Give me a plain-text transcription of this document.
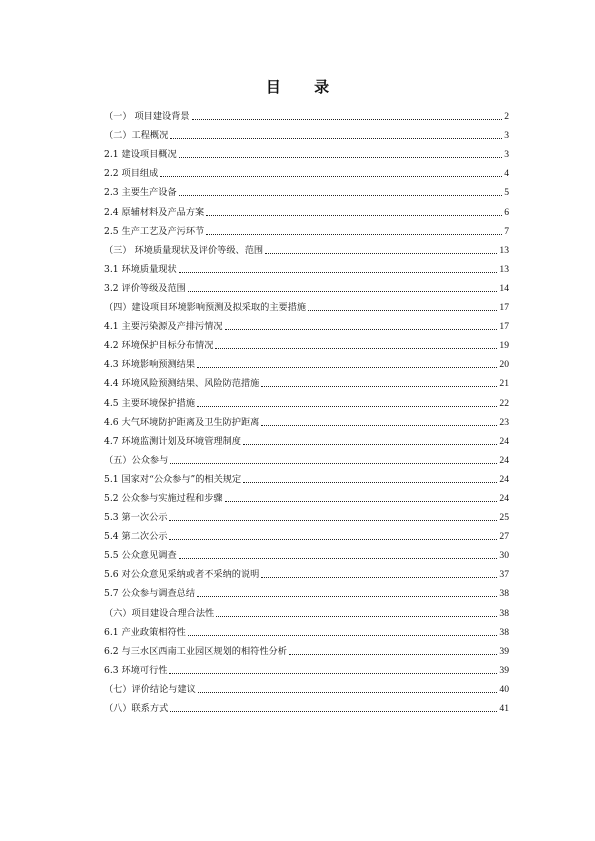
目 录
（一） 项目建设背景	2
（二）工程概况	3
2.1 建设项目概况	3
2.2 项目组成	4
2.3 主要生产设备	5
2.4 原辅材料及产品方案	6
2.5 生产工艺及产污环节	7
（三） 环境质量现状及评价等级、范围	13
3.1 环境质量现状	13
3.2 评价等级及范围	14
（四）建设项目环境影响预测及拟采取的主要措施	17
4.1 主要污染源及产排污情况	17
4.2 环境保护目标分布情况	19
4.3 环境影响预测结果	20
4.4 环境风险预测结果、风险防范措施	21
4.5 主要环境保护措施	22
4.6 大气环境防护距离及卫生防护距离	23
4.7 环境监测计划及环境管理制度	24
（五）公众参与	24
5.1 国家对“公众参与”的相关规定	24
5.2 公众参与实施过程和步骤	24
5.3 第一次公示	25
5.4 第二次公示	27
5.5 公众意见调查	30
5.6 对公众意见采纳或者不采纳的说明	37
5.7 公众参与调查总结	38
（六）项目建设合理合法性	38
6.1 产业政策相符性	38
6.2 与三水区西南工业园区规划的相符性分析	39
6.3 环境可行性	39
（七）评价结论与建议	40
（八）联系方式	41
